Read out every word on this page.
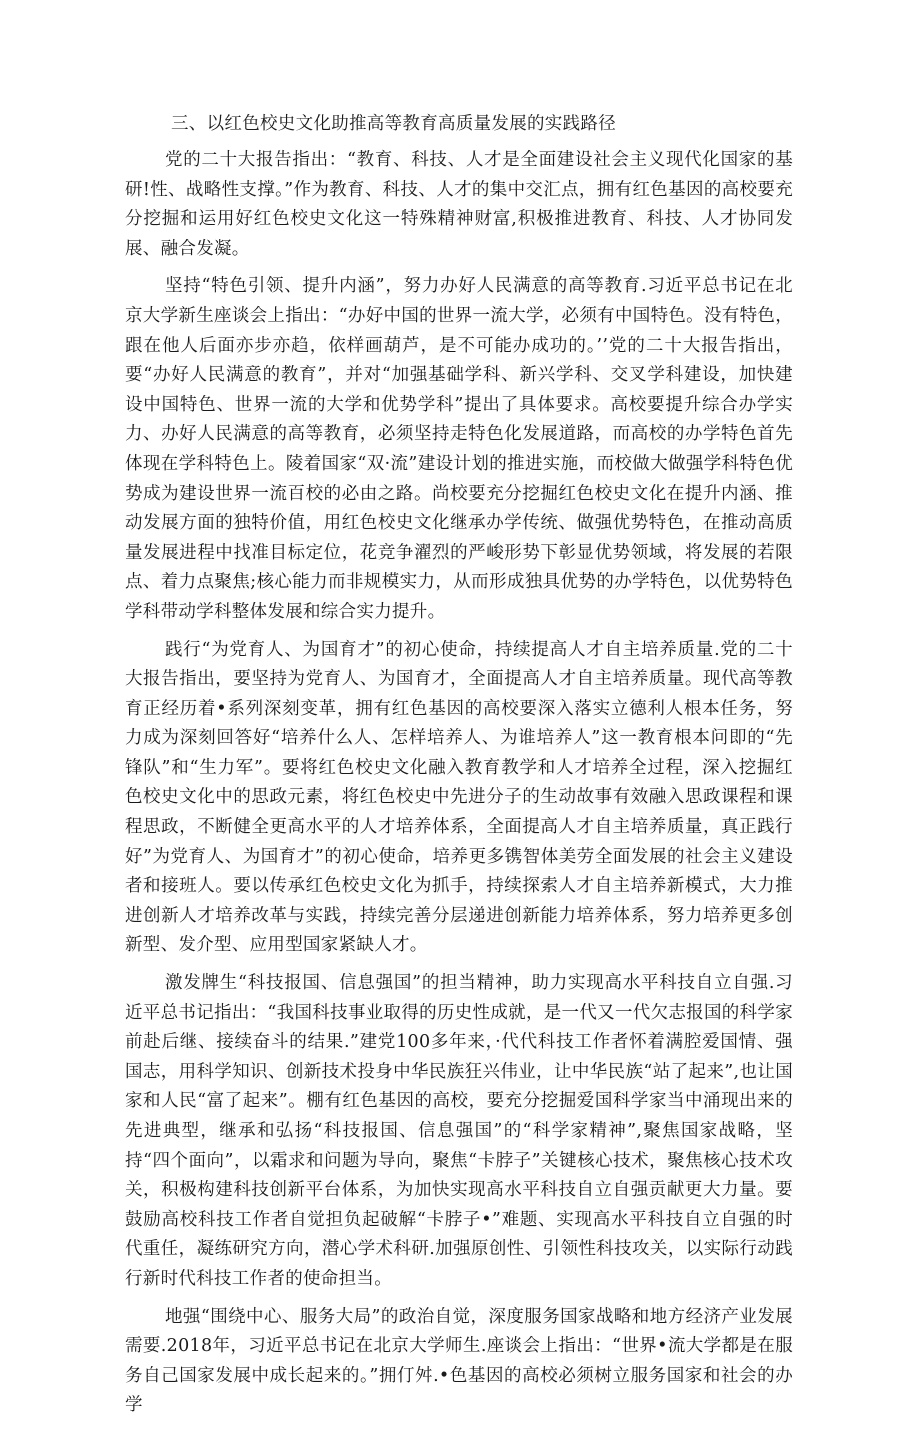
三、以红色校史文化助推高等教育高质量发展的实践路径

党的二十大报告指出：“教育、科技、人才是全面建设社会主义现代化国家的基研!性、战略性支撑。”作为教育、科技、人才的集中交汇点，拥有红色基因的高校要充分挖掘和运用好红色校史文化这一特殊精神财富,积极推进教育、科技、人才协同发展、融合发凝。

坚持“特色引领、提升内涵”，努力办好人民满意的高等教育.习近平总书记在北京大学新生座谈会上指出：“办好中国的世界一流大学，必须有中国特色。没有特色，跟在他人后面亦步亦趋，依样画葫芦，是不可能办成功的。’’党的二十大报告指出，要“办好人民满意的教育”，并对“加强基础学科、新兴学科、交叉学科建设，加快建设中国特色、世界一流的大学和优势学科”提出了具体要求。高校要提升综合办学实力、办好人民满意的高等教育，必须坚持走特色化发展道路，而高校的办学特色首先体现在学科特色上。陵着国家“双·流”建设计划的推进实施，而校做大做强学科特色优势成为建设世界一流百校的必由之路。尚校要充分挖掘红色校史文化在提升内涵、推动发展方面的独特价值，用红色校史文化继承办学传统、做强优势特色，在推动高质量发展进程中找准目标定位，花竞争濯烈的严峻形势下彰显优势领域，将发展的若限点、着力点聚焦;核心能力而非规模实力，从而形成独具优势的办学特色，以优势特色学科带动学科整体发展和综合实力提升。

践行“为党育人、为国育才”的初心使命，持续提高人才自主培养质量.党的二十大报告指出，要坚持为党育人、为国育才，全面提高人才自主培养质量。现代高等教育正经历着•系列深刻变革，拥有红色基因的高校要深入落实立德利人根本任务，努力成为深刻回答好“培养什么人、怎样培养人、为谁培养人”这一教育根本问即的“先锋队”和“生力军”。要将红色校史文化融入教育教学和人才培养全过程，深入挖掘红色校史文化中的思政元素，将红色校史中先进分子的生动故事有效融入思政课程和课程思政，不断健全更高水平的人才培养体系，全面提高人才自主培养质量，真正践行好”为党育人、为国育才”的初心使命，培养更多镌智体美劳全面发展的社会主义建设者和接班人。要以传承红色校史文化为抓手，持续探索人才自主培养新模式，大力推进创新人才培养改革与实践，持续完善分层递进创新能力培养体系，努力培养更多创新型、发介型、应用型国家紧缺人才。

激发牌生“科技报国、信息强国”的担当精神，助力实现高水平科技自立自强.习近平总书记指出：“我国科技事业取得的历史性成就，是一代又一代欠志报国的科学家前赴后继、接续奋斗的结果.”建党100多年来，·代代科技工作者怀着满腔爱国情、强国志，用科学知识、创新技术投身中华民族狂兴伟业，让中华民族“站了起来”,也让国家和人民“富了起来”。棚有红色基因的高校，要充分挖掘爱国科学家当中涌现出来的先进典型，继承和弘扬“科技报国、信息强国”的“科学家精神”,聚焦国家战略，坚持“四个面向”，以霜求和问题为导向，聚焦“卡脖子”关键核心技术，聚焦核心技术攻关，积极构建科技创新平台体系，为加快实现高水平科技自立自强贡献更大力量。要鼓励高校科技工作者自觉担负起破解“卡脖子•”难题、实现高水平科技自立自强的时代重任，凝练研究方向，潜心学术科研.加强原创性、引领性科技攻关，以实际行动践行新时代科技工作者的使命担当。

地强“围绕中心、服务大局”的政治自觉，深度服务国家战略和地方经济产业发展需要.2018年，习近平总书记在北京大学师生.座谈会上指出：“世界•流大学都是在服务自己国家发展中成长起来的。”拥仃舛.•色基因的高校必须树立服务国家和社会的办学
